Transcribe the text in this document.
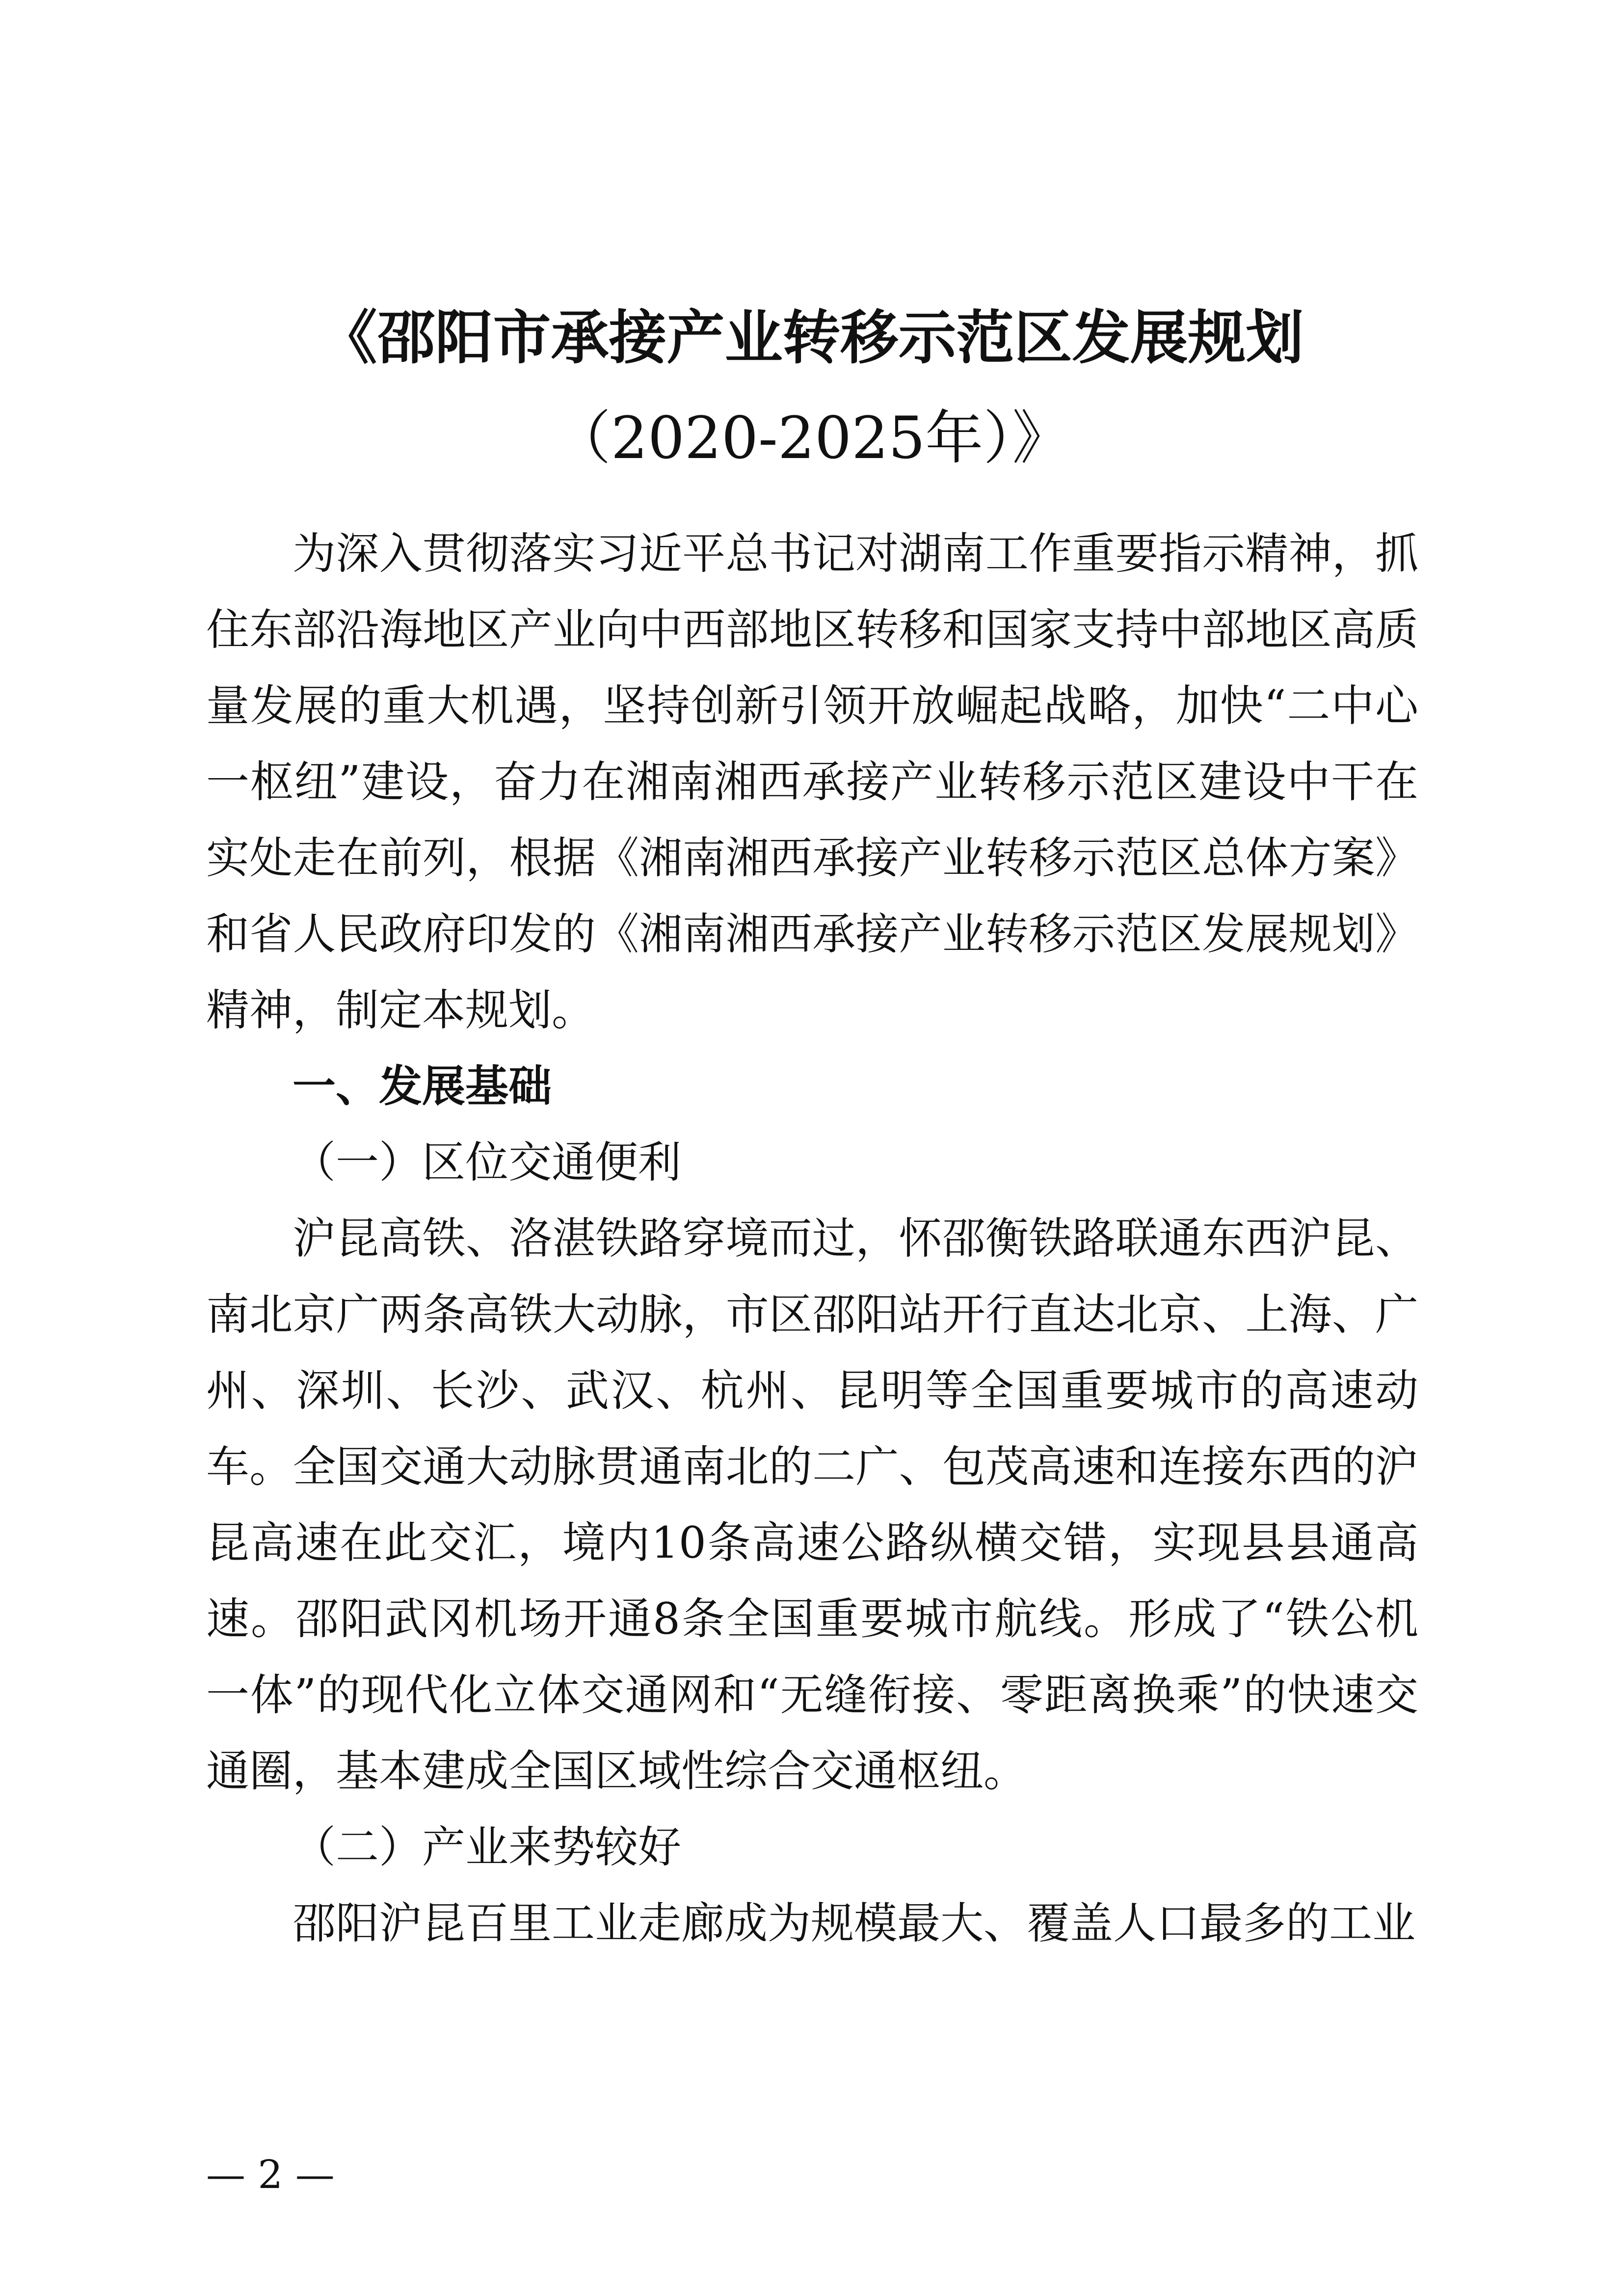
《邵阳市承接产业转移示范区发展规划
（2020-2025年）》

为深入贯彻落实习近平总书记对湖南工作重要指示精神，抓住东部沿海地区产业向中西部地区转移和国家支持中部地区高质量发展的重大机遇，坚持创新引领开放崛起战略，加快“二中心一枢纽”建设，奋力在湘南湘西承接产业转移示范区建设中干在实处走在前列，根据《湘南湘西承接产业转移示范区总体方案》和省人民政府印发的《湘南湘西承接产业转移示范区发展规划》精神，制定本规划。

一、发展基础

（一）区位交通便利

沪昆高铁、洛湛铁路穿境而过，怀邵衡铁路联通东西沪昆、南北京广两条高铁大动脉，市区邵阳站开行直达北京、上海、广州、深圳、长沙、武汉、杭州、昆明等全国重要城市的高速动车。全国交通大动脉贯通南北的二广、包茂高速和连接东西的沪昆高速在此交汇，境内10条高速公路纵横交错，实现县县通高速。邵阳武冈机场开通8条全国重要城市航线。形成了“铁公机一体”的现代化立体交通网和“无缝衔接、零距离换乘”的快速交通圈，基本建成全国区域性综合交通枢纽。

（二）产业来势较好

邵阳沪昆百里工业走廊成为规模最大、覆盖人口最多的工业

— 2 —
